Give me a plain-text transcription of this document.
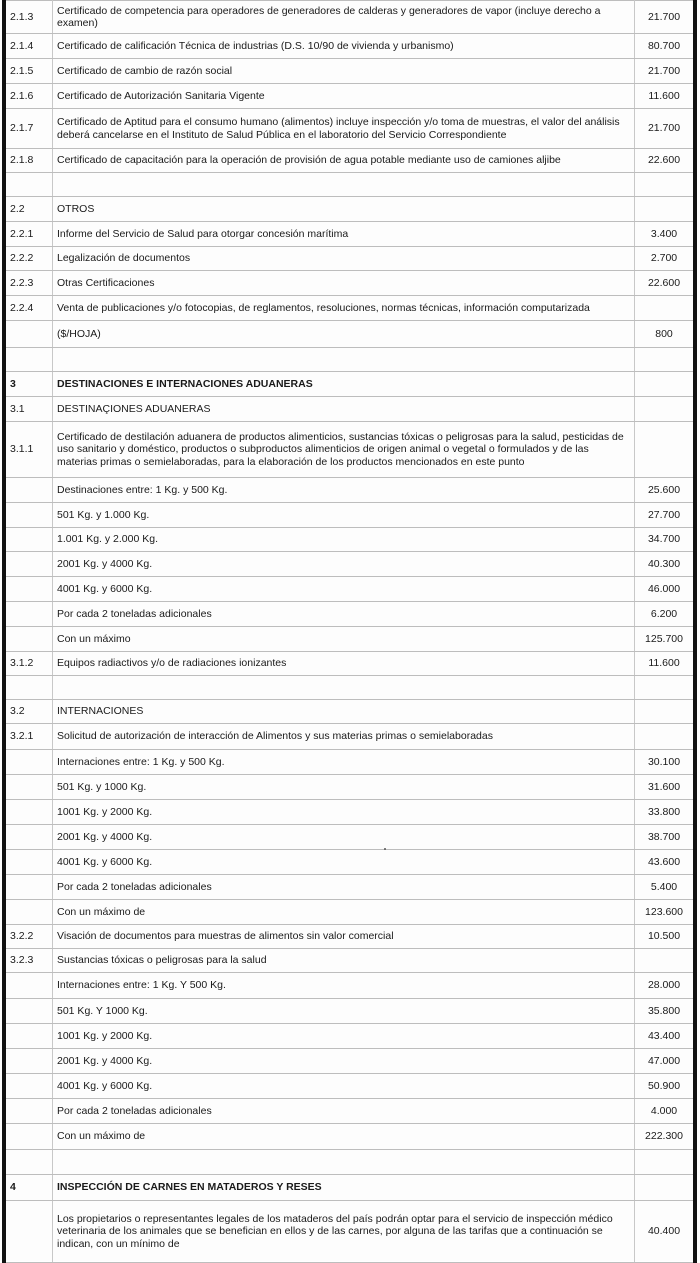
2.1.3	Certificado de competencia para operadores de generadores de calderas y generadores de vapor (incluye derecho a examen)	21.700
2.1.4	Certificado de calificación Técnica de industrias (D.S. 10/90 de vivienda y urbanismo)	80.700
2.1.5	Certificado de cambio de razón social	21.700
2.1.6	Certificado de Autorización Sanitaria Vigente	11.600
2.1.7	Certificado de Aptitud para el consumo humano (alimentos) incluye inspección y/o toma de muestras, el valor del análisis deberá cancelarse en el Instituto de Salud Pública en el laboratorio del Servicio Correspondiente	21.700
2.1.8	Certificado de capacitación para la operación de provisión de agua potable mediante uso de camiones aljibe	22.600

2.2	OTROS	
2.2.1	Informe del Servicio de Salud para otorgar concesión marítima	3.400
2.2.2	Legalización de documentos	2.700
2.2.3	Otras Certificaciones	22.600
2.2.4	Venta de publicaciones y/o fotocopias, de reglamentos, resoluciones, normas técnicas, información computarizada	
	($/HOJA)	800

3	DESTINACIONES E INTERNACIONES ADUANERAS	
3.1	DESTINAÇIONES ADUANERAS	
3.1.1	Certificado de destilación aduanera de productos alimenticios, sustancias tóxicas o peligrosas para la salud, pesticidas de uso sanitario y doméstico, productos o subproductos alimenticios de origen animal o vegetal o formulados y de las materias primas o semielaboradas, para la elaboración de los productos mencionados en este punto	
	Destinaciones entre: 1 Kg. y 500 Kg.	25.600
	501 Kg. y 1.000 Kg.	27.700
	1.001 Kg. y 2.000 Kg.	34.700
	2001 Kg. y 4000 Kg.	40.300
	4001 Kg. y 6000 Kg.	46.000
	Por cada 2 toneladas adicionales	6.200
	Con un máximo	125.700
3.1.2	Equipos radiactivos y/o de radiaciones ionizantes	11.600

3.2	INTERNACIONES	
3.2.1	Solicitud de autorización de interacción de Alimentos y sus materias primas o semielaboradas	
	Internaciones entre: 1 Kg. y 500 Kg.	30.100
	501 Kg. y 1000 Kg.	31.600
	1001 Kg. y 2000 Kg.	33.800
	2001 Kg. y 4000 Kg.	38.700
	4001 Kg. y 6000 Kg.	43.600
	Por cada 2 toneladas adicionales	5.400
	Con un máximo de	123.600
3.2.2	Visación de documentos para muestras de alimentos sin valor comercial	10.500
3.2.3	Sustancias tóxicas o peligrosas para la salud	
	Internaciones entre: 1 Kg. Y 500 Kg.	28.000
	501 Kg. Y 1000 Kg.	35.800
	1001 Kg. y 2000 Kg.	43.400
	2001 Kg. y 4000 Kg.	47.000
	4001 Kg. y 6000 Kg.	50.900
	Por cada 2 toneladas adicionales	4.000
	Con un máximo de	222.300

4	INSPECCIÓN DE CARNES EN MATADEROS Y RESES	
	Los propietarios o representantes legales de los mataderos del país podrán optar para el servicio de inspección médico veterinaria de los animales que se benefician en ellos y de las carnes, por alguna de las tarifas que a continuación se indican, con un mínimo de	40.400
